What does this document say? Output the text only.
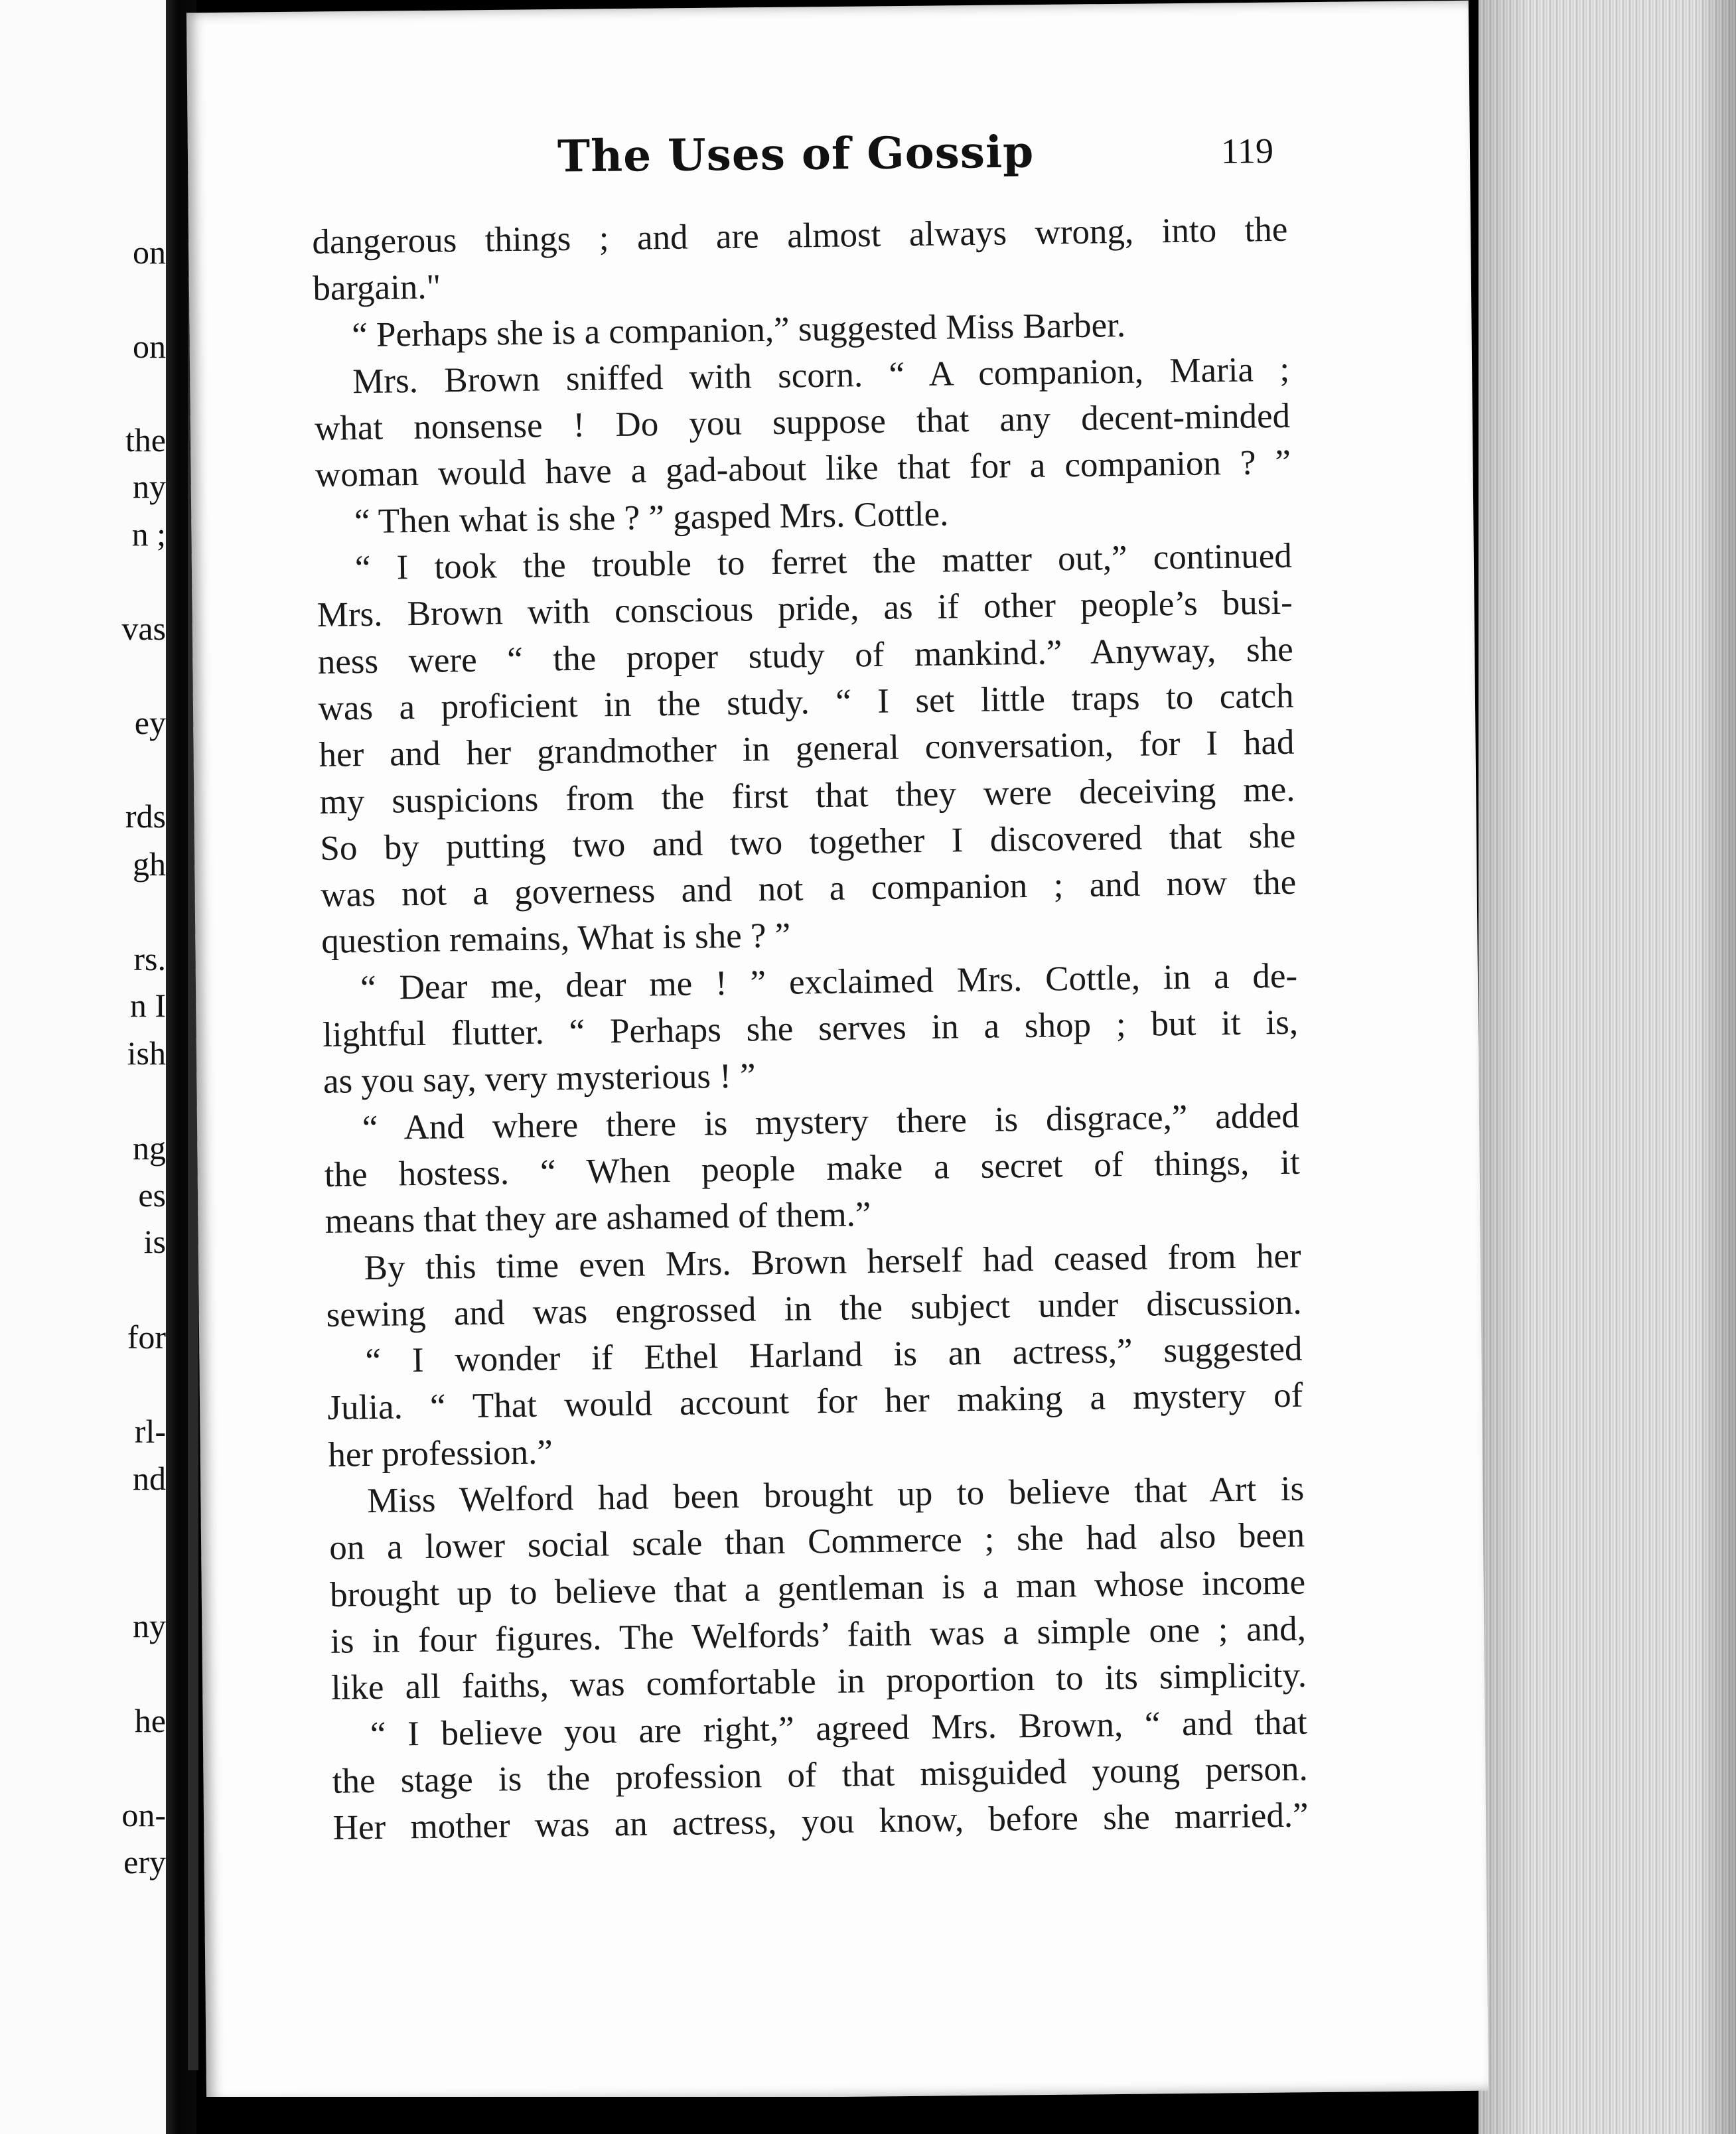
on
on
the
ny
n ;
vas
ey
rds
gh
rs.
n I
ish
ng
es
is
for
rl-
nd
ny
he
on-
ery
The Uses of Gossip	119
dangerous things ; and are almost always wrong, into the
bargain."
“ Perhaps she is a companion,” suggested Miss Barber.
Mrs. Brown sniffed with scorn. “ A companion, Maria ;
what nonsense ! Do you suppose that any decent-minded
woman would have a gad-about like that for a companion ? ”
“ Then what is she ? ” gasped Mrs. Cottle.
“ I took the trouble to ferret the matter out,” continued
Mrs. Brown with conscious pride, as if other people’s busi-
ness were “ the proper study of mankind.” Anyway, she
was a proficient in the study. “ I set little traps to catch
her and her grandmother in general conversation, for I had
my suspicions from the first that they were deceiving me.
So by putting two and two together I discovered that she
was not a governess and not a companion ; and now the
question remains, What is she ? ”
“ Dear me, dear me ! ” exclaimed Mrs. Cottle, in a de-
lightful flutter. “ Perhaps she serves in a shop ; but it is,
as you say, very mysterious ! ”
“ And where there is mystery there is disgrace,” added
the hostess. “ When people make a secret of things, it
means that they are ashamed of them.”
By this time even Mrs. Brown herself had ceased from her
sewing and was engrossed in the subject under discussion.
“ I wonder if Ethel Harland is an actress,” suggested
Julia. “ That would account for her making a mystery of
her profession.”
Miss Welford had been brought up to believe that Art is
on a lower social scale than Commerce ; she had also been
brought up to believe that a gentleman is a man whose income
is in four figures. The Welfords’ faith was a simple one ; and,
like all faiths, was comfortable in proportion to its simplicity.
“ I believe you are right,” agreed Mrs. Brown, “ and that
the stage is the profession of that misguided young person.
Her mother was an actress, you know, before she married.”
